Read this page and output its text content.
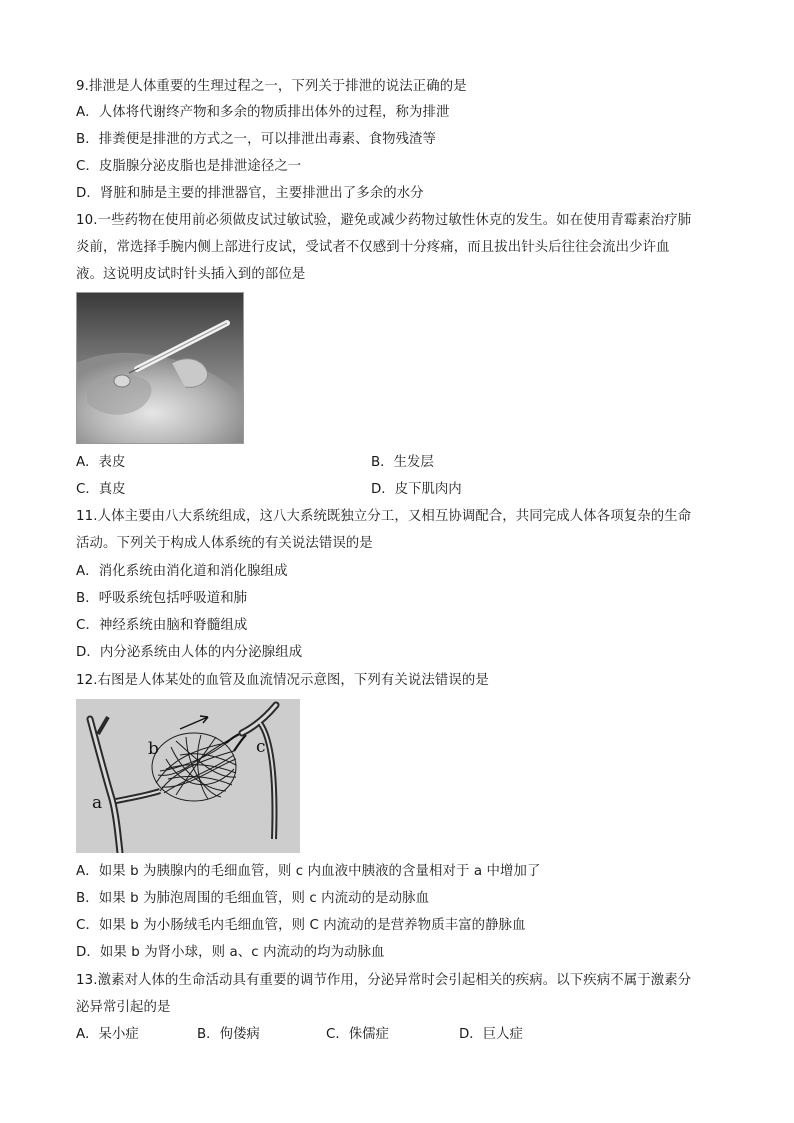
9.排泄是人体重要的生理过程之一，下列关于排泄的说法正确的是
A．人体将代谢终产物和多余的物质排出体外的过程，称为排泄
B．排粪便是排泄的方式之一，可以排泄出毒素、食物残渣等
C．皮脂腺分泌皮脂也是排泄途径之一
D．肾脏和肺是主要的排泄器官，主要排泄出了多余的水分
10.一些药物在使用前必须做皮试过敏试验，避免或减少药物过敏性休克的发生。如在使用青霉素治疗肺
炎前，常选择手腕内侧上部进行皮试，受试者不仅感到十分疼痛，而且拔出针头后往往会流出少许血
液。这说明皮试时针头插入到的部位是
A．表皮	B．生发层
C．真皮	D．皮下肌肉内
11.人体主要由八大系统组成，这八大系统既独立分工，又相互协调配合，共同完成人体各项复杂的生命
活动。下列关于构成人体系统的有关说法错误的是
A．消化系统由消化道和消化腺组成
B．呼吸系统包括呼吸道和肺
C．神经系统由脑和脊髓组成
D．内分泌系统由人体的内分泌腺组成
12.右图是人体某处的血管及血流情况示意图，下列有关说法错误的是
a
b	c
A．如果 b 为胰腺内的毛细血管，则 c 内血液中胰液的含量相对于 a 中增加了
B．如果 b 为肺泡周围的毛细血管，则 c 内流动的是动脉血
C．如果 b 为小肠绒毛内毛细血管，则 C 内流动的是营养物质丰富的静脉血
D．如果 b 为肾小球，则 a、c 内流动的均为动脉血
13.激素对人体的生命活动具有重要的调节作用，分泌异常时会引起相关的疾病。以下疾病不属于激素分
泌异常引起的是
A．呆小症	B．佝偻病	C．侏儒症	D．巨人症
